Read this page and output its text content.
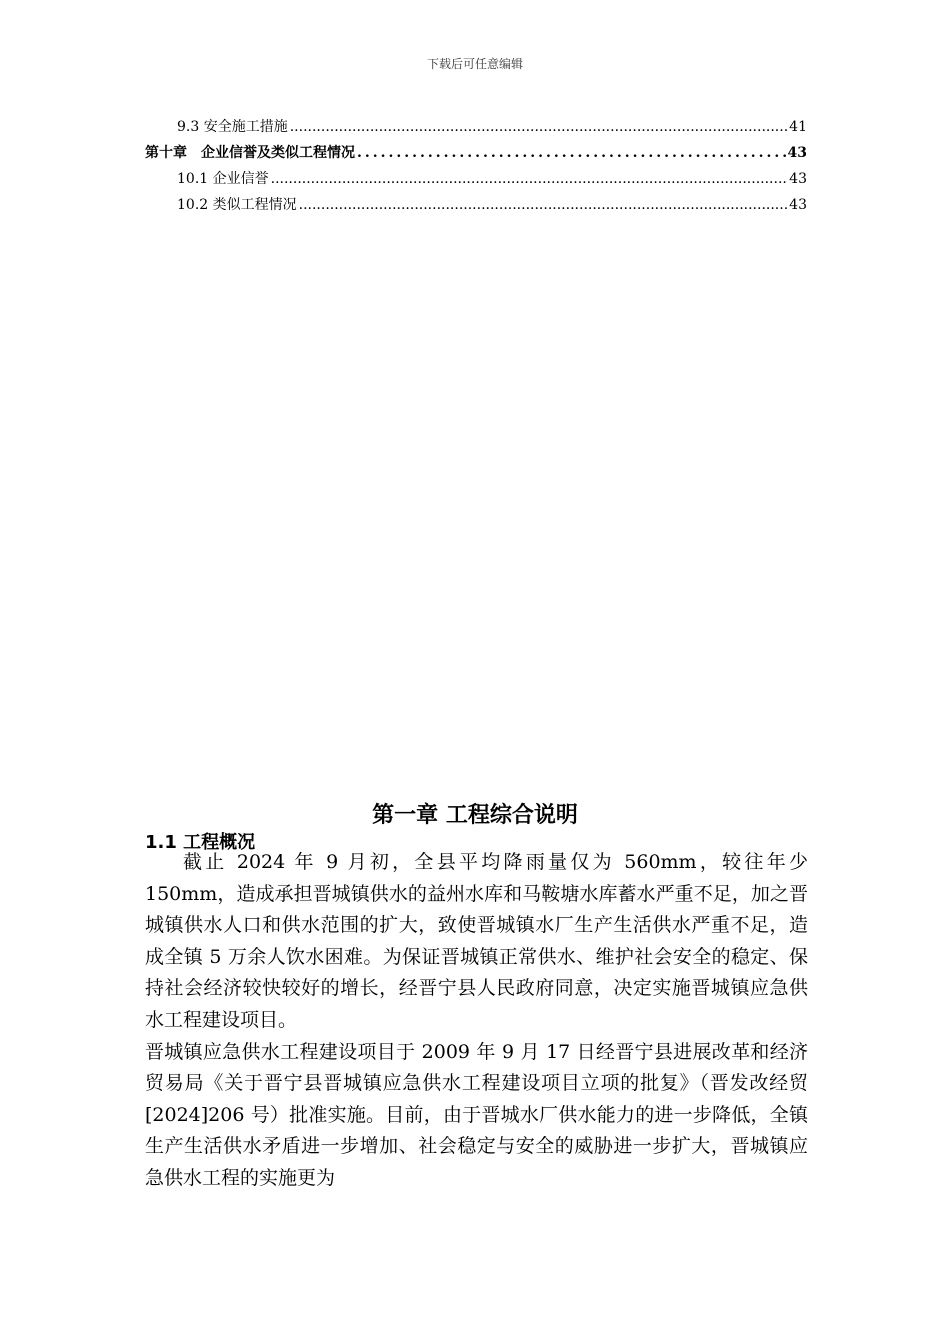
下载后可任意编辑
9.3 安全施工措施 .....	41
第十章　企业信誉及类似工程情况 .....	43
10.1 企业信誉 .....	43
10.2 类似工程情况 .....	43
第一章 工程综合说明
1.1 工程概况

截止 2024 年 9 月初，全县平均降雨量仅为 560mm，较往年少 150mm，造成承担晋城镇供水的益州水库和马鞍塘水库蓄水严重不足，加之晋城镇供水人口和供水范围的扩大，致使晋城镇水厂生产生活供水严重不足，造成全镇 5 万余人饮水困难。为保证晋城镇正常供水、维护社会安全的稳定、保持社会经济较快较好的增长，经晋宁县人民政府同意，决定实施晋城镇应急供水工程建设项目。

晋城镇应急供水工程建设项目于 2009 年 9 月 17 日经晋宁县进展改革和经济贸易局《关于晋宁县晋城镇应急供水工程建设项目立项的批复》（晋发改经贸[2024]206 号）批准实施。目前，由于晋城水厂供水能力的进一步降低，全镇生产生活供水矛盾进一步增加、社会稳定与安全的威胁进一步扩大，晋城镇应急供水工程的实施更为
